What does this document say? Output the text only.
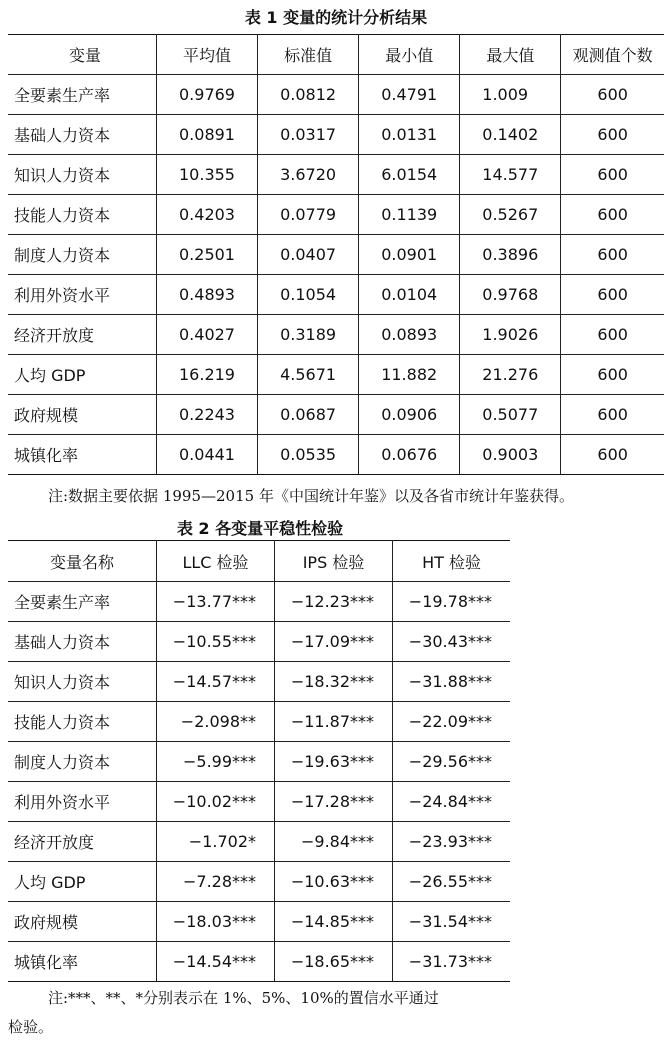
表 1 变量的统计分析结果
变量	平均值	标准值	最小值	最大值	观测值个数
全要素生产率	0.9769	0.0812	0.4791	1.009	600
基础人力资本	0.0891	0.0317	0.0131	0.1402	600
知识人力资本	10.355	3.6720	6.0154	14.577	600
技能人力资本	0.4203	0.0779	0.1139	0.5267	600
制度人力资本	0.2501	0.0407	0.0901	0.3896	600
利用外资水平	0.4893	0.1054	0.0104	0.9768	600
经济开放度	0.4027	0.3189	0.0893	1.9026	600
人均 GDP	16.219	4.5671	11.882	21.276	600
政府规模	0.2243	0.0687	0.0906	0.5077	600
城镇化率	0.0441	0.0535	0.0676	0.9003	600
注:数据主要依据 1995—2015 年《中国统计年鉴》以及各省市统计年鉴获得。
表 2 各变量平稳性检验
变量名称	LLC 检验	IPS 检验	HT 检验
全要素生产率	−13.77***	−12.23***	−19.78***
基础人力资本	−10.55***	−17.09***	−30.43***
知识人力资本	−14.57***	−18.32***	−31.88***
技能人力资本	−2.098**	−11.87***	−22.09***
制度人力资本	−5.99***	−19.63***	−29.56***
利用外资水平	−10.02***	−17.28***	−24.84***
经济开放度	−1.702*	−9.84***	−23.93***
人均 GDP	−7.28***	−10.63***	−26.55***
政府规模	−18.03***	−14.85***	−31.54***
城镇化率	−14.54***	−18.65***	−31.73***
注:***、**、*分别表示在 1%、5%、10%的置信水平通过
检验。
